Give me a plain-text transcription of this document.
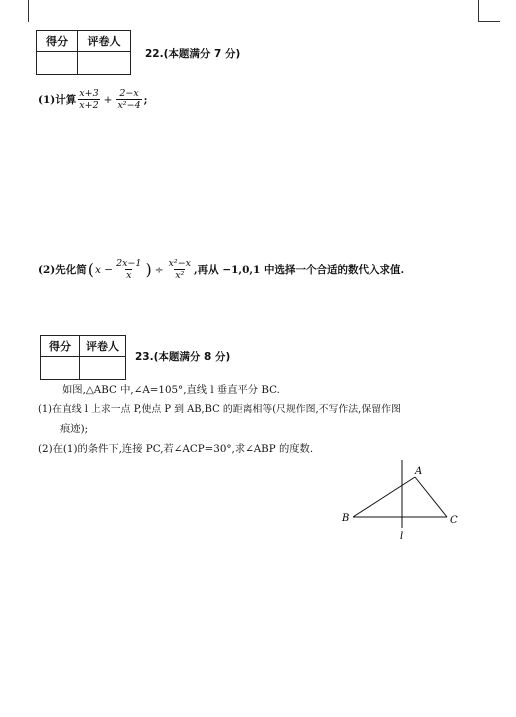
得分	评卷人

22.(本题满分 7 分)
(1)计算 $\frac{x+3}{x+2} + \frac{2-x}{\text{x²−4}}$ ;
(2)先化简 ( $x - \frac{2x-1}{x}$ ) ÷ $\frac{\text{x²−x}}{\text{x²}}$ ,再从 −1,0,1 中选择一个合适的数代入求值.
得分	评卷人

23.(本题满分 8 分)
如图,△ABC 中,∠A=105°,直线 l 垂直平分 BC.
(1)在直线 l 上求一点 P,使点 P 到 AB,BC 的距离相等(尺规作图,不写作法,保留作图
痕迹);
(2)在(1)的条件下,连接 PC,若∠ACP=30°,求∠ABP 的度数.
A
B	C
l
